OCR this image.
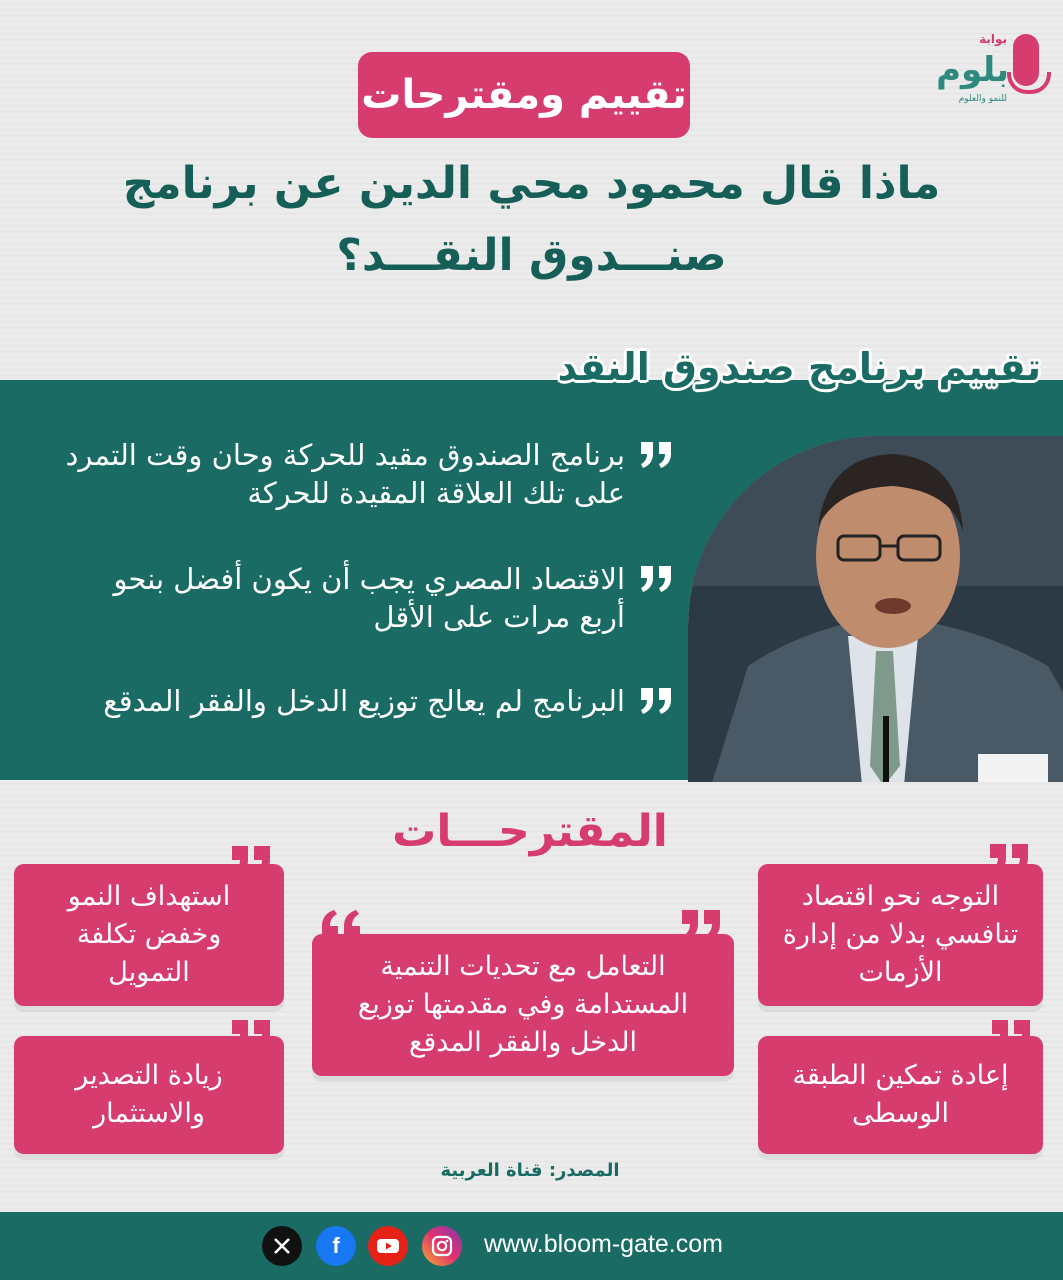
بوابة
بلوم
للنمو والعلوم
تقييم ومقترحات
ماذا قال محمود محي الدين عن برنامج
صنـــدوق النقـــد؟
تقييم برنامج صندوق النقد
برنامج الصندوق مقيد للحركة وحان وقت التمرد على تلك العلاقة المقيدة للحركة
الاقتصاد المصري يجب أن يكون أفضل بنحو أربع مرات على الأقل
البرنامج لم يعالج توزيع الدخل والفقر المدقع
المقترحـــات
التوجه نحو اقتصاد تنافسي بدلا من إدارة الأزمات
إعادة تمكين الطبقة الوسطى
التعامل مع تحديات التنمية المستدامة وفي مقدمتها توزيع الدخل والفقر المدقع
استهداف النمو وخفض تكلفة التمويل
زيادة التصدير والاستثمار
المصدر: قناة العربية
www.bloom-gate.com
f
